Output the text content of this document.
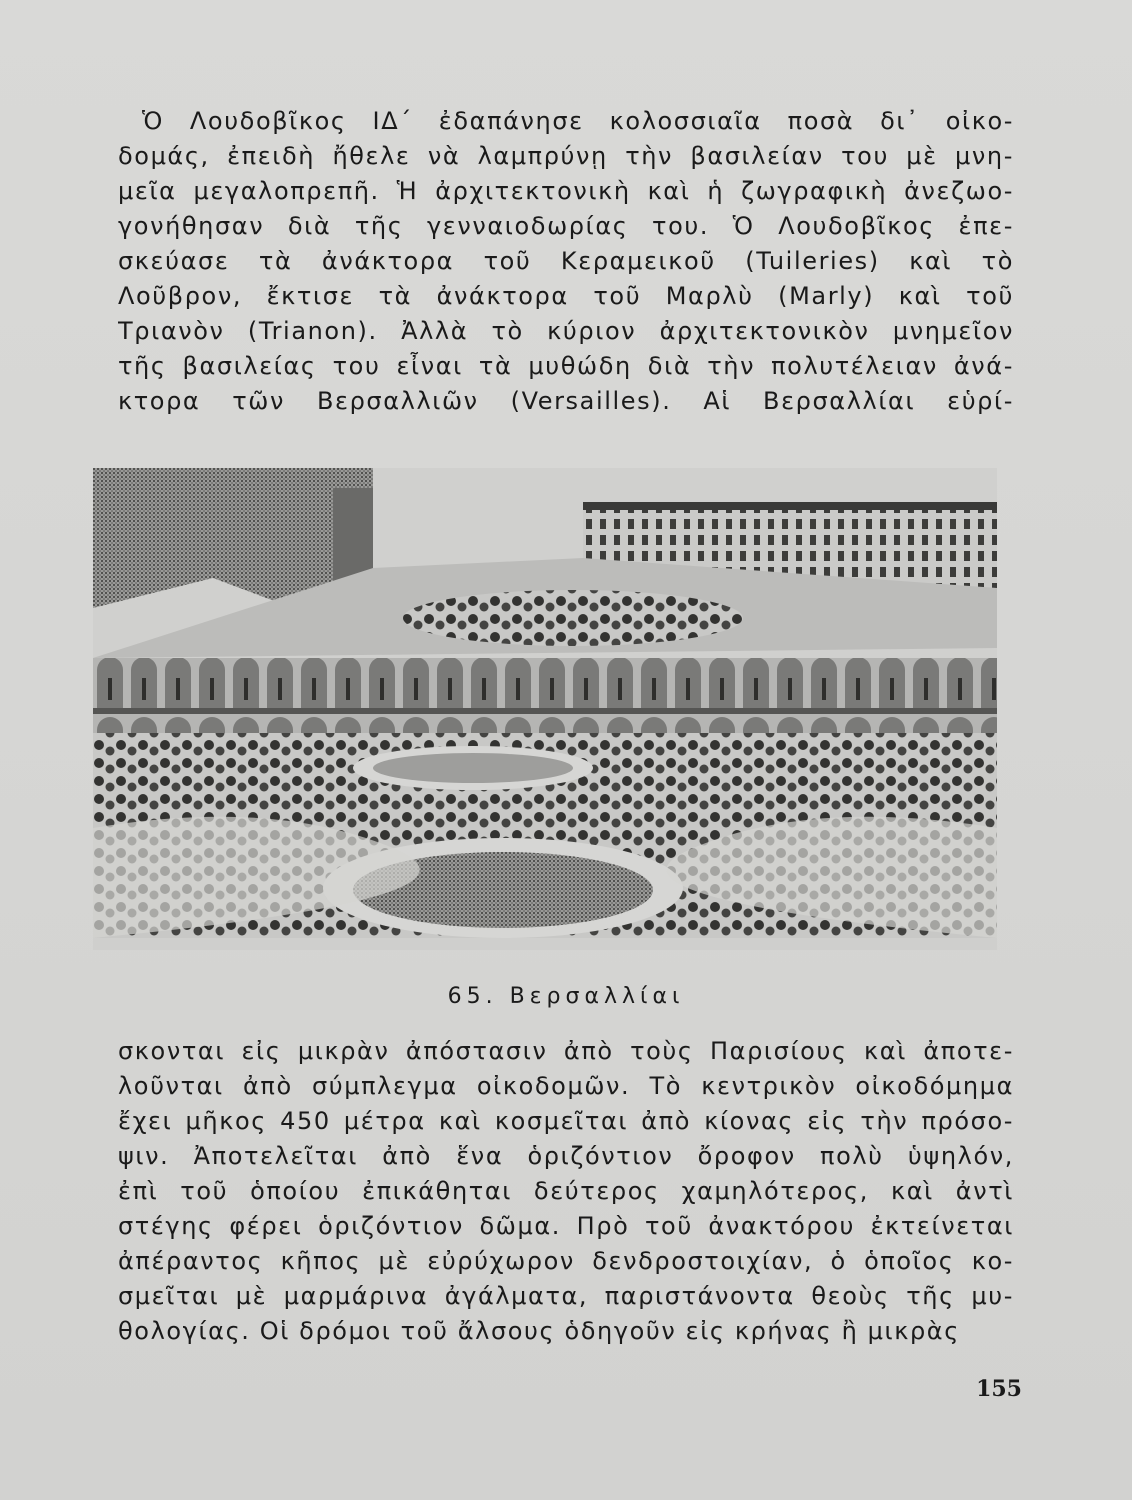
Ὁ Λουδοβῖκος ΙΔ΄ ἐδαπάνησε κολοσσιαῖα ποσὰ δι᾿ οἰκο-
δομάς, ἐπειδὴ ἤθελε νὰ λαμπρύνῃ τὴν βασιλείαν του μὲ μνη-
μεῖα μεγαλοπρεπῆ. Ἡ ἀρχιτεκτονικὴ καὶ ἡ ζωγραφικὴ ἀνεζωο-
γονήθησαν διὰ τῆς γενναιοδωρίας του. Ὁ Λουδοβῖκος ἐπε-
σκεύασε τὰ ἀνάκτορα τοῦ Κεραμεικοῦ (Tuileries) καὶ τὸ
Λοῦβρον, ἔκτισε τὰ ἀνάκτορα τοῦ Μαρλὺ (Marly) καὶ τοῦ
Τριανὸν (Trianon). Ἀλλὰ τὸ κύριον ἀρχιτεκτονικὸν μνημεῖον
τῆς βασιλείας του εἶναι τὰ μυθώδη διὰ τὴν πολυτέλειαν ἀνά-
κτορα τῶν Βερσαλλιῶν (Versailles). Αἱ Βερσαλλίαι εὑρί-
65. Βερσαλλίαι
σκονται εἰς μικρὰν ἀπόστασιν ἀπὸ τοὺς Παρισίους καὶ ἀποτε-
λοῦνται ἀπὸ σύμπλεγμα οἰκοδομῶν. Τὸ κεντρικὸν οἰκοδόμημα
ἔχει μῆκος 450 μέτρα καὶ κοσμεῖται ἀπὸ κίονας εἰς τὴν πρόσο-
ψιν. Ἀποτελεῖται ἀπὸ ἕνα ὁριζόντιον ὄροφον πολὺ ὑψηλόν,
ἐπὶ τοῦ ὁποίου ἐπικάθηται δεύτερος χαμηλότερος, καὶ ἀντὶ
στέγης φέρει ὁριζόντιον δῶμα. Πρὸ τοῦ ἀνακτόρου ἐκτείνεται
ἀπέραντος κῆπος μὲ εὐρύχωρον δενδροστοιχίαν, ὁ ὁποῖος κο-
σμεῖται μὲ μαρμάρινα ἀγάλματα, παριστάνοντα θεοὺς τῆς μυ-
θολογίας. Οἱ δρόμοι τοῦ ἄλσους ὁδηγοῦν εἰς κρήνας ἢ μικρὰς
155
